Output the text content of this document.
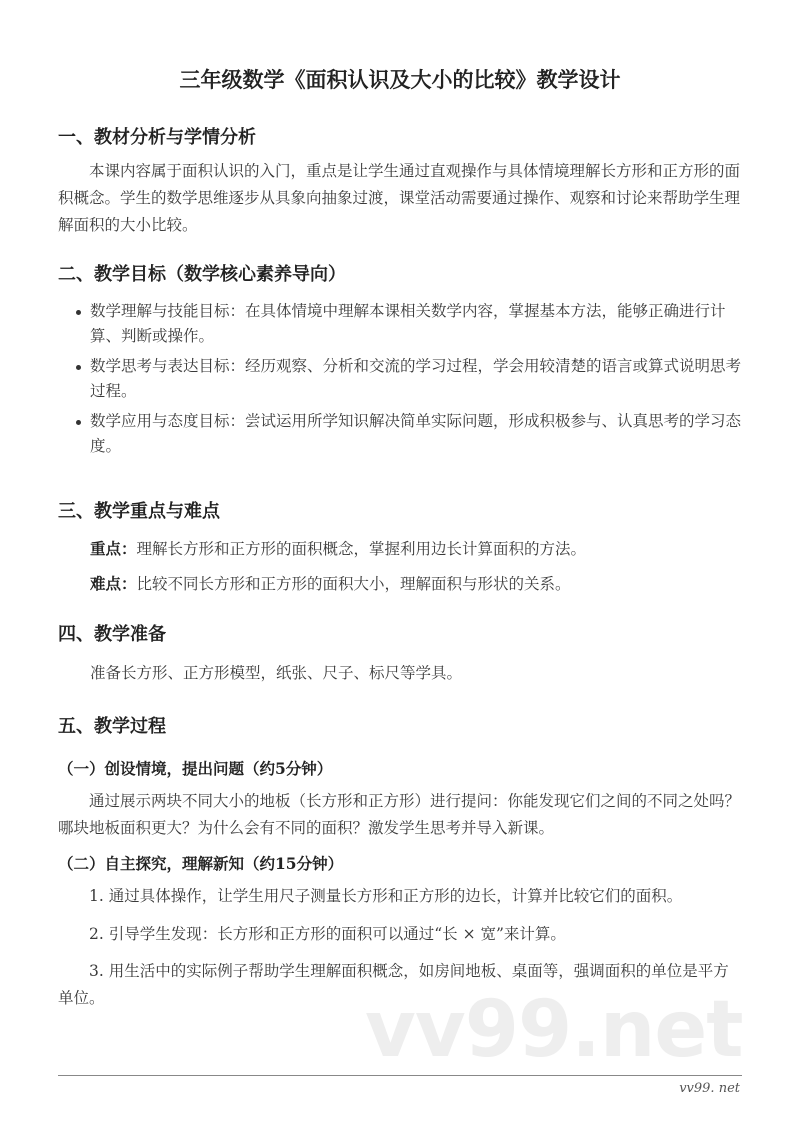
三年级数学《面积认识及大小的比较》教学设计
一、教材分析与学情分析
本课内容属于面积认识的入门，重点是让学生通过直观操作与具体情境理解长方形和正方形的面积概念。学生的数学思维逐步从具象向抽象过渡，课堂活动需要通过操作、观察和讨论来帮助学生理解面积的大小比较。
二、教学目标（数学核心素养导向）
数学理解与技能目标：在具体情境中理解本课相关数学内容，掌握基本方法，能够正确进行计算、判断或操作。
数学思考与表达目标：经历观察、分析和交流的学习过程，学会用较清楚的语言或算式说明思考过程。
数学应用与态度目标：尝试运用所学知识解决简单实际问题，形成积极参与、认真思考的学习态度。
三、教学重点与难点
重点：理解长方形和正方形的面积概念，掌握利用边长计算面积的方法。
难点：比较不同长方形和正方形的面积大小，理解面积与形状的关系。
四、教学准备
准备长方形、正方形模型，纸张、尺子、标尺等学具。
五、教学过程
（一）创设情境，提出问题（约5分钟）
通过展示两块不同大小的地板（长方形和正方形）进行提问：你能发现它们之间的不同之处吗？哪块地板面积更大？为什么会有不同的面积？激发学生思考并导入新课。
（二）自主探究，理解新知（约15分钟）
1. 通过具体操作，让学生用尺子测量长方形和正方形的边长，计算并比较它们的面积。
2. 引导学生发现：长方形和正方形的面积可以通过“长 × 宽”来计算。
3. 用生活中的实际例子帮助学生理解面积概念，如房间地板、桌面等，强调面积的单位是平方单位。	vv99.net
vv99. net
